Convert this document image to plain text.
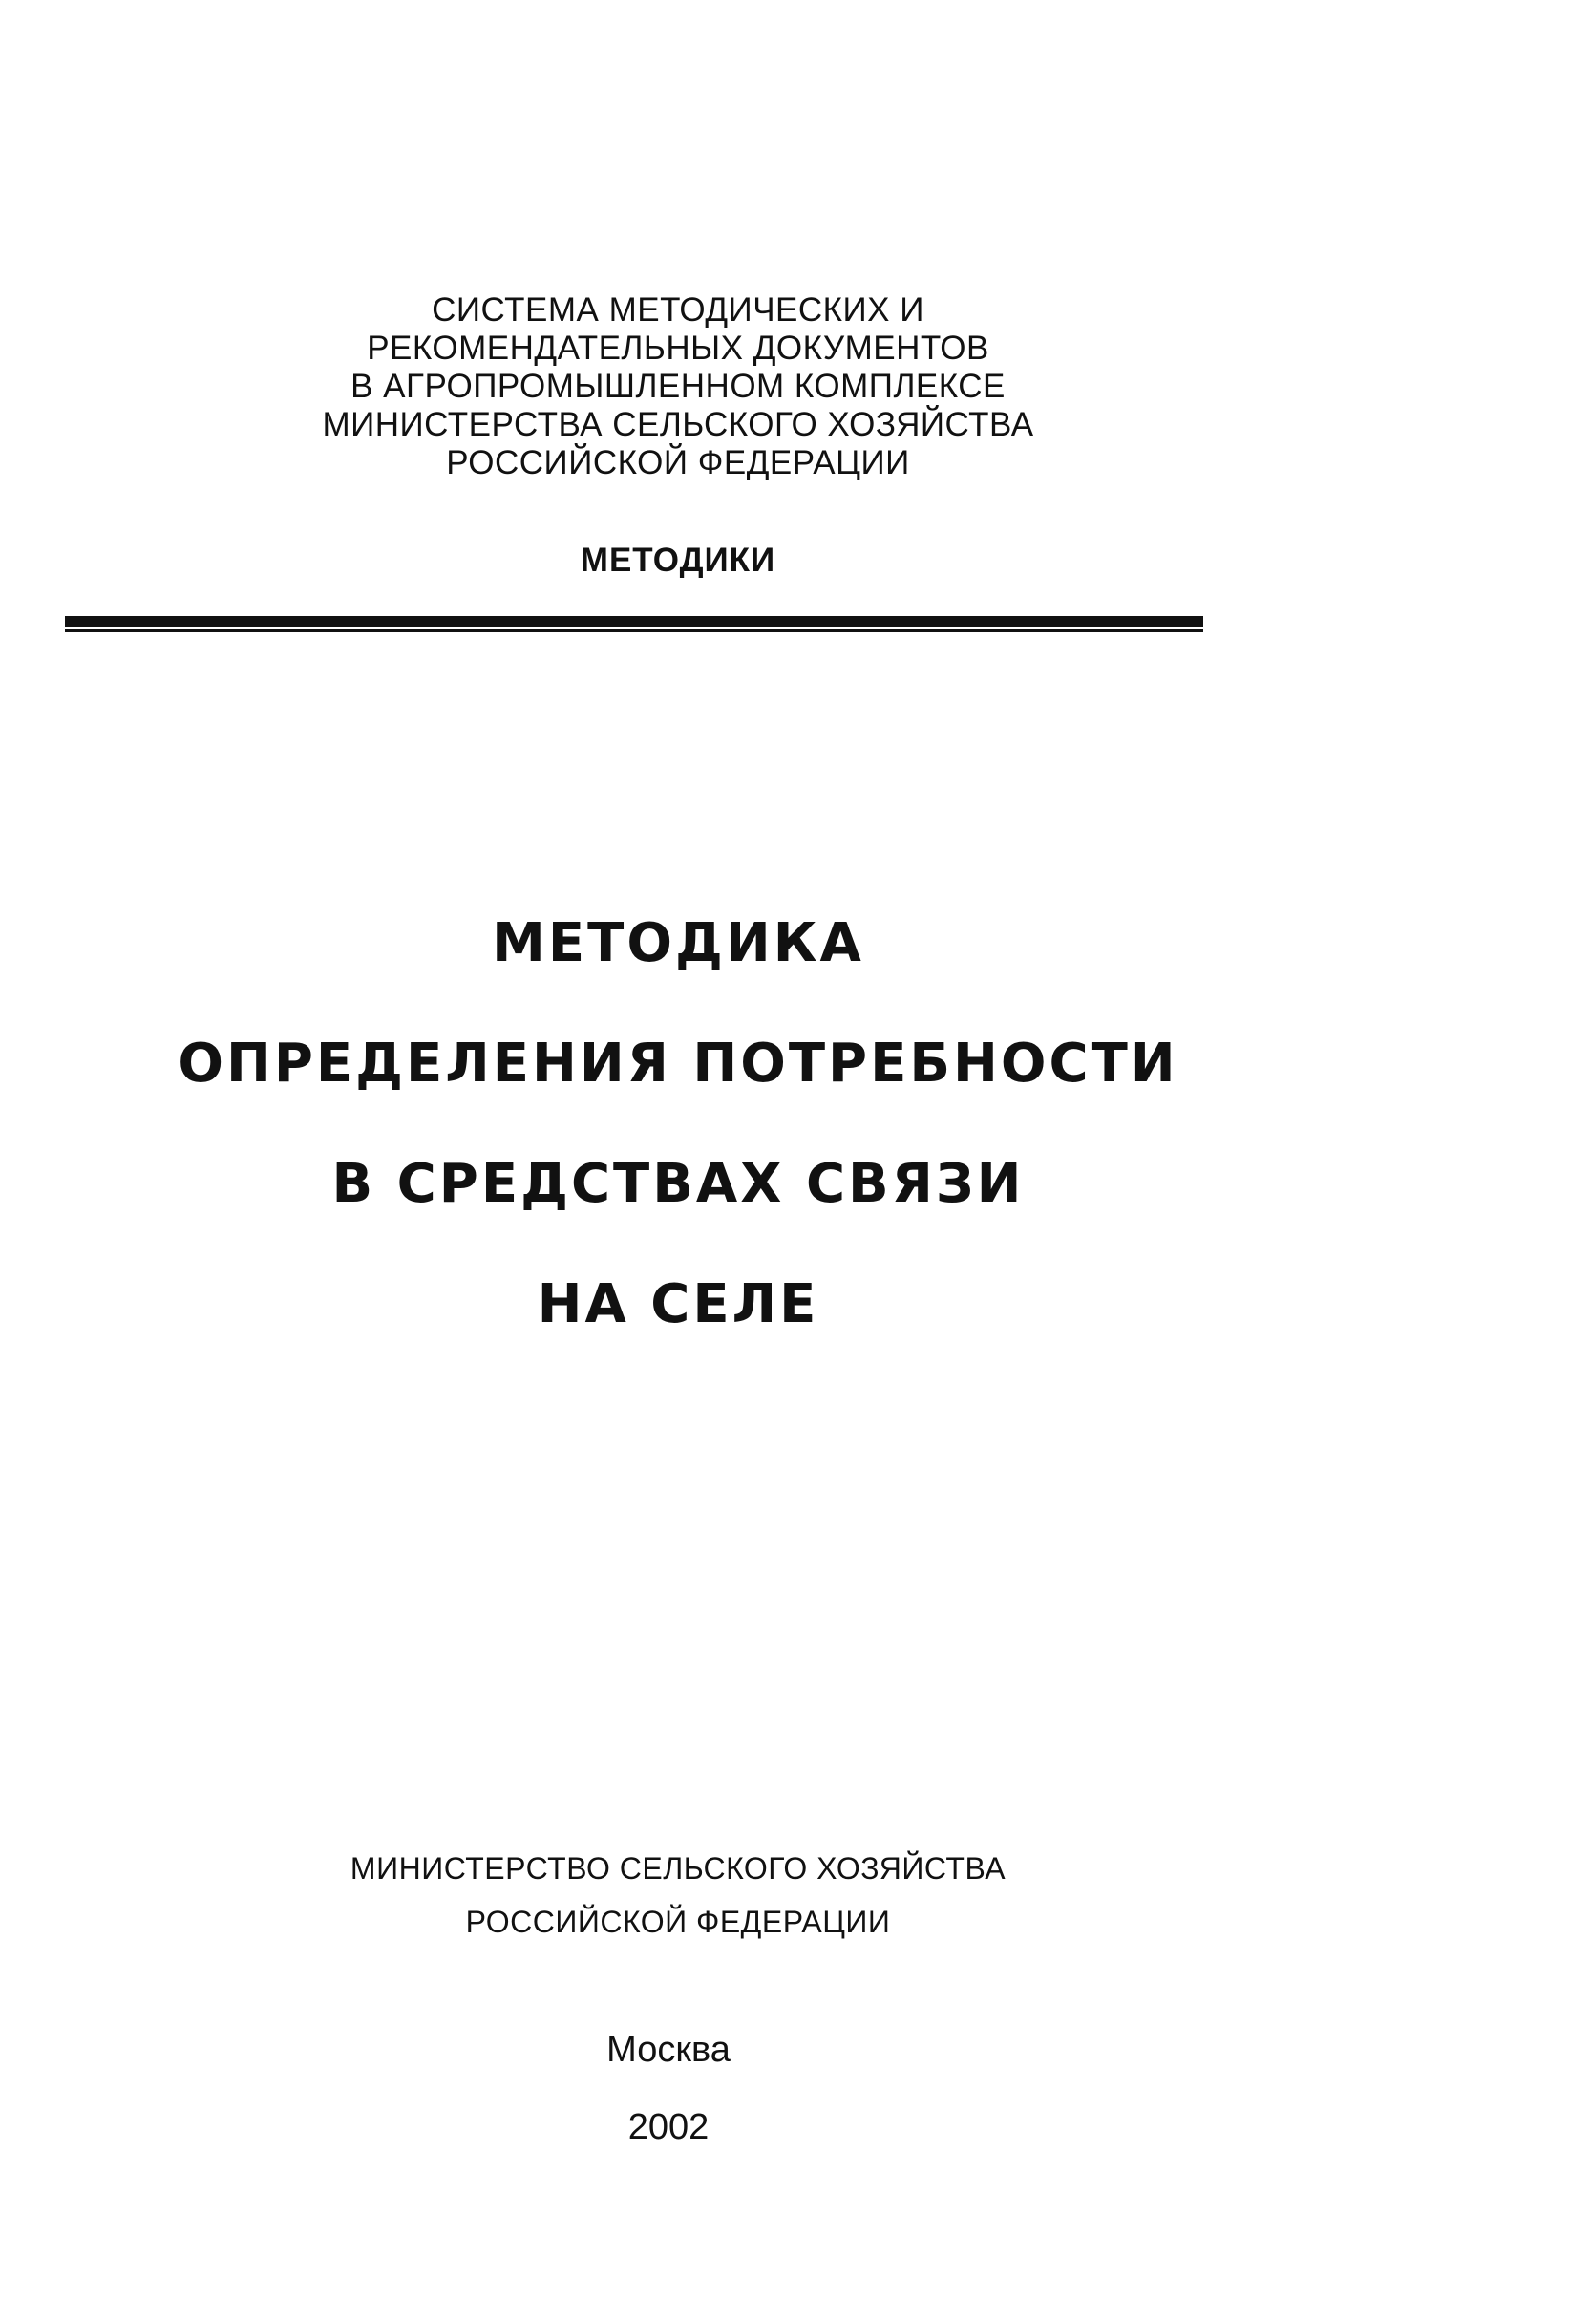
СИСТЕМА МЕТОДИЧЕСКИХ И
РЕКОМЕНДАТЕЛЬНЫХ ДОКУМЕНТОВ
В АГРОПРОМЫШЛЕННОМ КОМПЛЕКСЕ
МИНИСТЕРСТВА СЕЛЬСКОГО ХОЗЯЙСТВА
РОССИЙСКОЙ ФЕДЕРАЦИИ
МЕТОДИКИ
МЕТОДИКА
ОПРЕДЕЛЕНИЯ ПОТРЕБНОСТИ
В СРЕДСТВАХ СВЯЗИ
НА СЕЛЕ
МИНИСТЕРСТВО СЕЛЬСКОГО ХОЗЯЙСТВА
РОССИЙСКОЙ ФЕДЕРАЦИИ
Москва
2002
